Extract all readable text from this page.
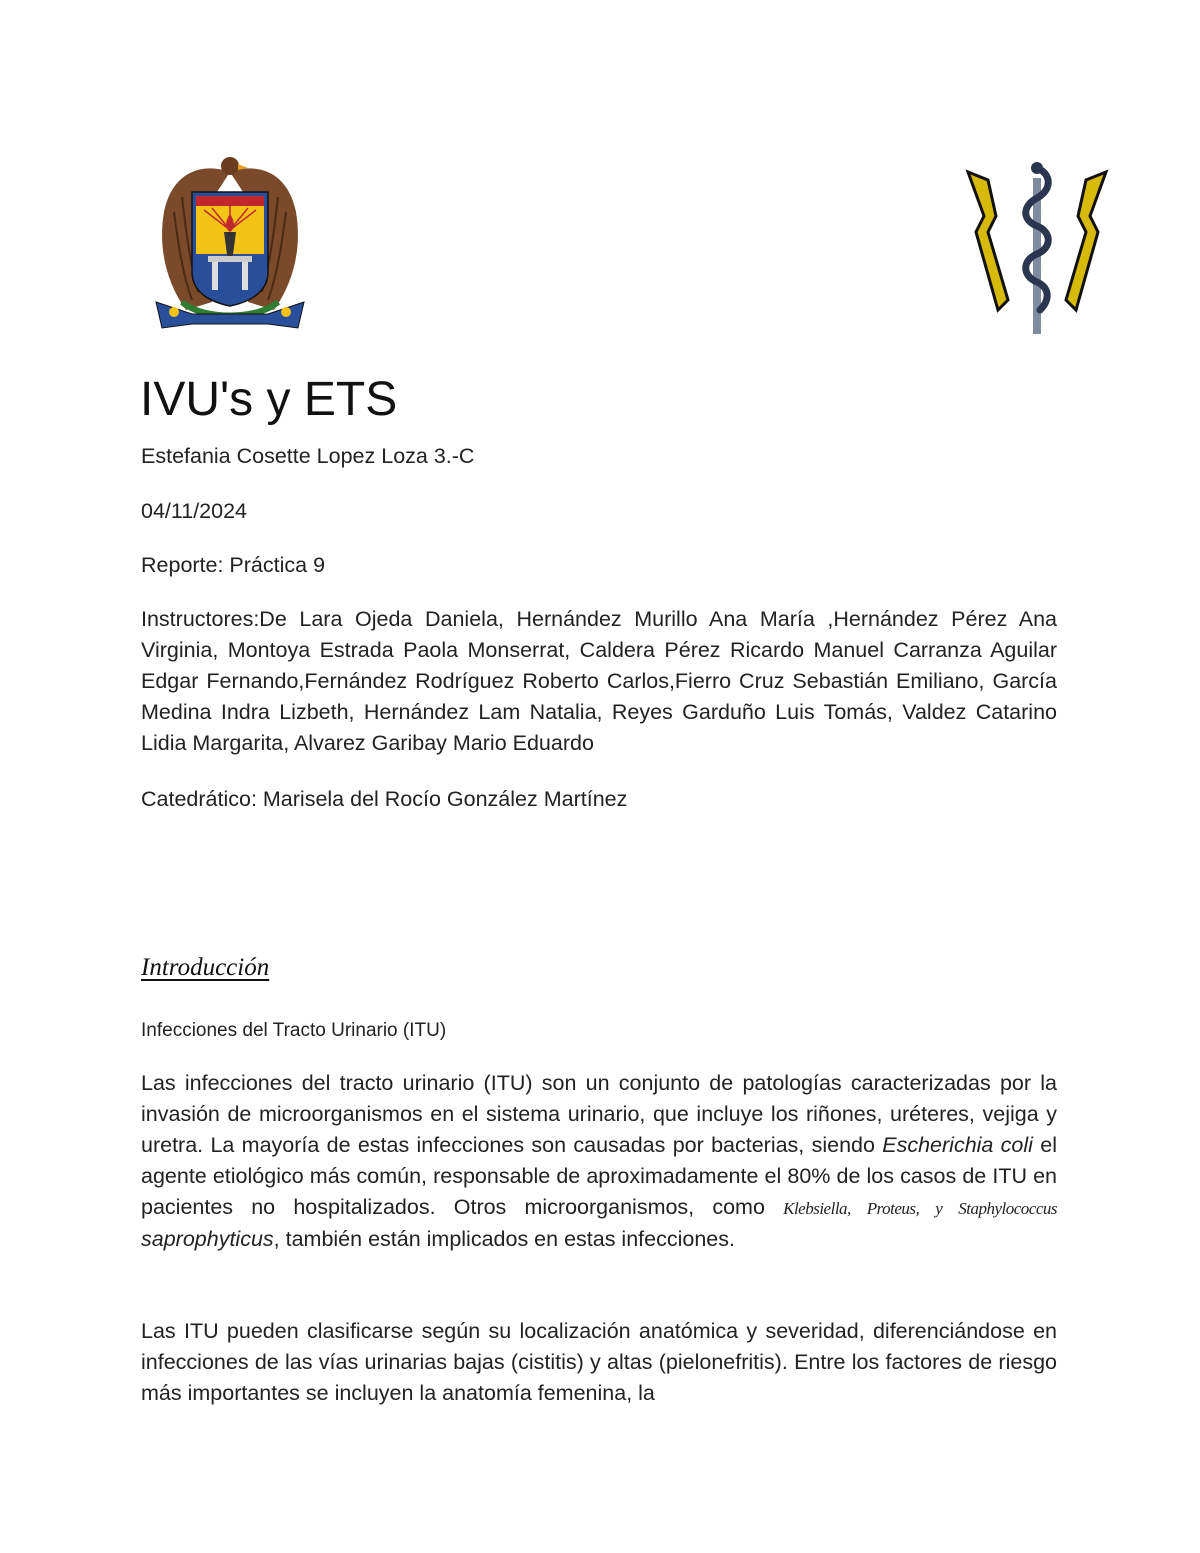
IVU's y ETS

Estefania Cosette Lopez Loza 3.-C

04/11/2024

Reporte: Práctica 9

Instructores:De Lara Ojeda Daniela, Hernández Murillo Ana María ,Hernández Pérez Ana Virginia, Montoya Estrada Paola Monserrat, Caldera Pérez Ricardo Manuel Carranza Aguilar Edgar Fernando,Fernández Rodríguez Roberto Carlos,Fierro Cruz Sebastián Emiliano, García Medina Indra Lizbeth, Hernández Lam Natalia, Reyes Garduño Luis Tomás, Valdez Catarino Lidia Margarita, Alvarez Garibay Mario Eduardo

Catedrático: Marisela del Rocío González Martínez

Introducción

Infecciones del Tracto Urinario (ITU)

Las infecciones del tracto urinario (ITU) son un conjunto de patologías caracterizadas por la invasión de microorganismos en el sistema urinario, que incluye los riñones, uréteres, vejiga y uretra. La mayoría de estas infecciones son causadas por bacterias, siendo Escherichia coli el agente etiológico más común, responsable de aproximadamente el 80% de los casos de ITU en pacientes no hospitalizados. Otros microorganismos, como Klebsiella, Proteus, y Staphylococcus saprophyticus, también están implicados en estas infecciones.

Las ITU pueden clasificarse según su localización anatómica y severidad, diferenciándose en infecciones de las vías urinarias bajas (cistitis) y altas (pielonefritis). Entre los factores de riesgo más importantes se incluyen la anatomía femenina, la
